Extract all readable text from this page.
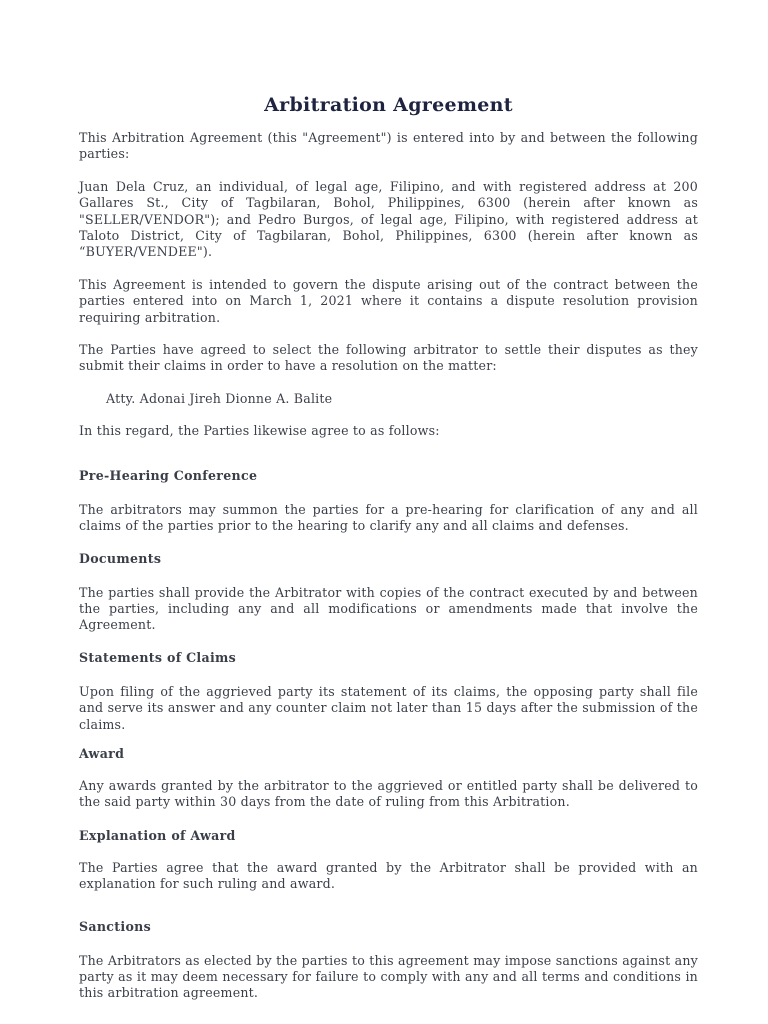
Arbitration Agreement

This Arbitration Agreement (this "Agreement") is entered into by and between the following parties:

Juan Dela Cruz, an individual, of legal age, Filipino, and with registered address at 200 Gallares St., City of Tagbilaran, Bohol, Philippines, 6300 (herein after known as "SELLER/VENDOR"); and Pedro Burgos, of legal age, Filipino, with registered address at Taloto District, City of Tagbilaran, Bohol, Philippines, 6300 (herein after known as “BUYER/VENDEE").

This Agreement is intended to govern the dispute arising out of the contract between the parties entered into on March 1, 2021 where it contains a dispute resolution provision requiring arbitration.

The Parties have agreed to select the following arbitrator to settle their disputes as they submit their claims in order to have a resolution on the matter:

Atty. Adonai Jireh Dionne A. Balite

In this regard, the Parties likewise agree to as follows:

Pre-Hearing Conference

The arbitrators may summon the parties for a pre-hearing for clarification of any and all claims of the parties prior to the hearing to clarify any and all claims and defenses.

Documents

The parties shall provide the Arbitrator with copies of the contract executed by and between the parties, including any and all modifications or amendments made that involve the Agreement.

Statements of Claims

Upon filing of the aggrieved party its statement of its claims, the opposing party shall file and serve its answer and any counter claim not later than 15 days after the submission of the claims.

Award

Any awards granted by the arbitrator to the aggrieved or entitled party shall be delivered to the said party within 30 days from the date of ruling from this Arbitration.

Explanation of Award

The Parties agree that the award granted by the Arbitrator shall be provided with an explanation for such ruling and award.

Sanctions

The Arbitrators as elected by the parties to this agreement may impose sanctions against any party as it may deem necessary for failure to comply with any and all terms and conditions in this arbitration agreement.
